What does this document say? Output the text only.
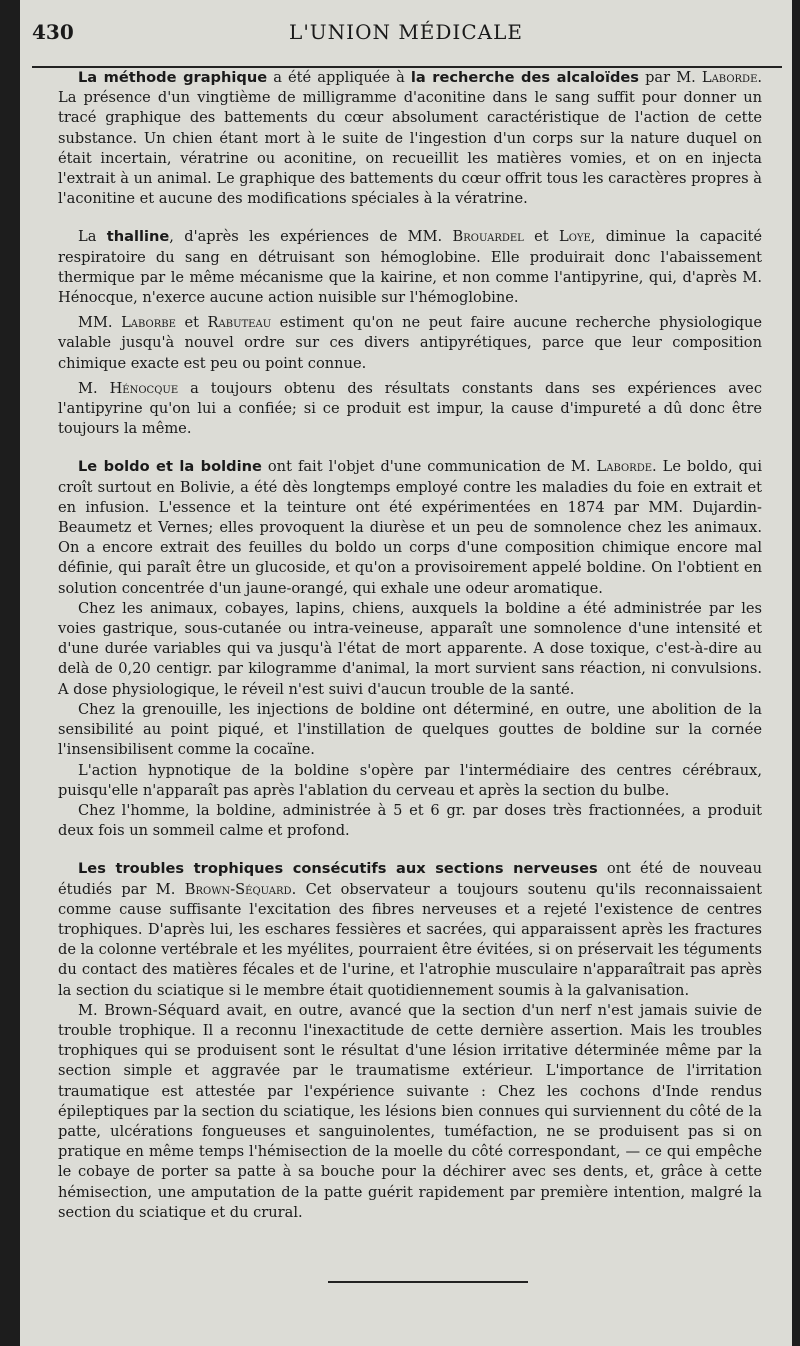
430	L'UNION MÉDICALE

La méthode graphique a été appliquée à la recherche des alcaloïdes par M. Laborde. La présence d'un vingtième de milligramme d'aconitine dans le sang suffit pour donner un tracé graphique des battements du cœur absolument caractéristique de l'action de cette substance. Un chien étant mort à le suite de l'ingestion d'un corps sur la nature duquel on était incertain, vératrine ou aconitine, on recueillit les matières vomies, et on en injecta l'extrait à un animal. Le graphique des battements du cœur offrit tous les caractères propres à l'aconitine et aucune des modifications spéciales à la vératrine.

La thalline, d'après les expériences de MM. Brouardel et Loye, diminue la capacité respiratoire du sang en détruisant son hémoglobine. Elle produirait donc l'abaissement thermique par le même mécanisme que la kairine, et non comme l'antipyrine, qui, d'après M. Hénocque, n'exerce aucune action nuisible sur l'hémoglobine.

MM. Laborbe et Rabuteau estiment qu'on ne peut faire aucune recherche physiologique valable jusqu'à nouvel ordre sur ces divers antipyrétiques, parce que leur composition chimique exacte est peu ou point connue.

M. Hénocque a toujours obtenu des résultats constants dans ses expériences avec l'antipyrine qu'on lui a confiée; si ce produit est impur, la cause d'impureté a dû donc être toujours la même.

Le boldo et la boldine ont fait l'objet d'une communication de M. Laborde. Le boldo, qui croît surtout en Bolivie, a été dès longtemps employé contre les maladies du foie en extrait et en infusion. L'essence et la teinture ont été expérimentées en 1874 par MM. Dujardin-Beaumetz et Vernes; elles provoquent la diurèse et un peu de somnolence chez les animaux. On a encore extrait des feuilles du boldo un corps d'une composition chimique encore mal définie, qui paraît être un glucoside, et qu'on a provisoirement appelé boldine. On l'obtient en solution concentrée d'un jaune-orangé, qui exhale une odeur aromatique.

Chez les animaux, cobayes, lapins, chiens, auxquels la boldine a été administrée par les voies gastrique, sous-cutanée ou intra-veineuse, apparaît une somnolence d'une intensité et d'une durée variables qui va jusqu'à l'état de mort apparente. A dose toxique, c'est-à-dire au delà de 0,20 centigr. par kilogramme d'animal, la mort survient sans réaction, ni convulsions. A dose physiologique, le réveil n'est suivi d'aucun trouble de la santé.

Chez la grenouille, les injections de boldine ont déterminé, en outre, une abolition de la sensibilité au point piqué, et l'instillation de quelques gouttes de boldine sur la cornée l'insensibilisent comme la cocaïne.

L'action hypnotique de la boldine s'opère par l'intermédiaire des centres cérébraux, puisqu'elle n'apparaît pas après l'ablation du cerveau et après la section du bulbe.

Chez l'homme, la boldine, administrée à 5 et 6 gr. par doses très fractionnées, a produit deux fois un sommeil calme et profond.

Les troubles trophiques consécutifs aux sections nerveuses ont été de nouveau étudiés par M. Brown-Séquard. Cet observateur a toujours soutenu qu'ils reconnaissaient comme cause suffisante l'excitation des fibres nerveuses et a rejeté l'existence de centres trophiques. D'après lui, les eschares fessières et sacrées, qui apparaissent après les fractures de la colonne vertébrale et les myélites, pourraient être évitées, si on préservait les téguments du contact des matières fécales et de l'urine, et l'atrophie musculaire n'apparaîtrait pas après la section du sciatique si le membre était quotidiennement soumis à la galvanisation.

M. Brown-Séquard avait, en outre, avancé que la section d'un nerf n'est jamais suivie de trouble trophique. Il a reconnu l'inexactitude de cette dernière assertion. Mais les troubles trophiques qui se produisent sont le résultat d'une lésion irritative déterminée même par la section simple et aggravée par le traumatisme extérieur. L'importance de l'irritation traumatique est attestée par l'expérience suivante : Chez les cochons d'Inde rendus épileptiques par la section du sciatique, les lésions bien connues qui surviennent du côté de la patte, ulcérations fongueuses et sanguinolentes, tuméfaction, ne se produisent pas si on pratique en même temps l'hémisection de la moelle du côté correspondant, — ce qui empêche le cobaye de porter sa patte à sa bouche pour la déchirer avec ses dents, et, grâce à cette hémisection, une amputation de la patte guérit rapidement par première intention, malgré la section du sciatique et du crural.
